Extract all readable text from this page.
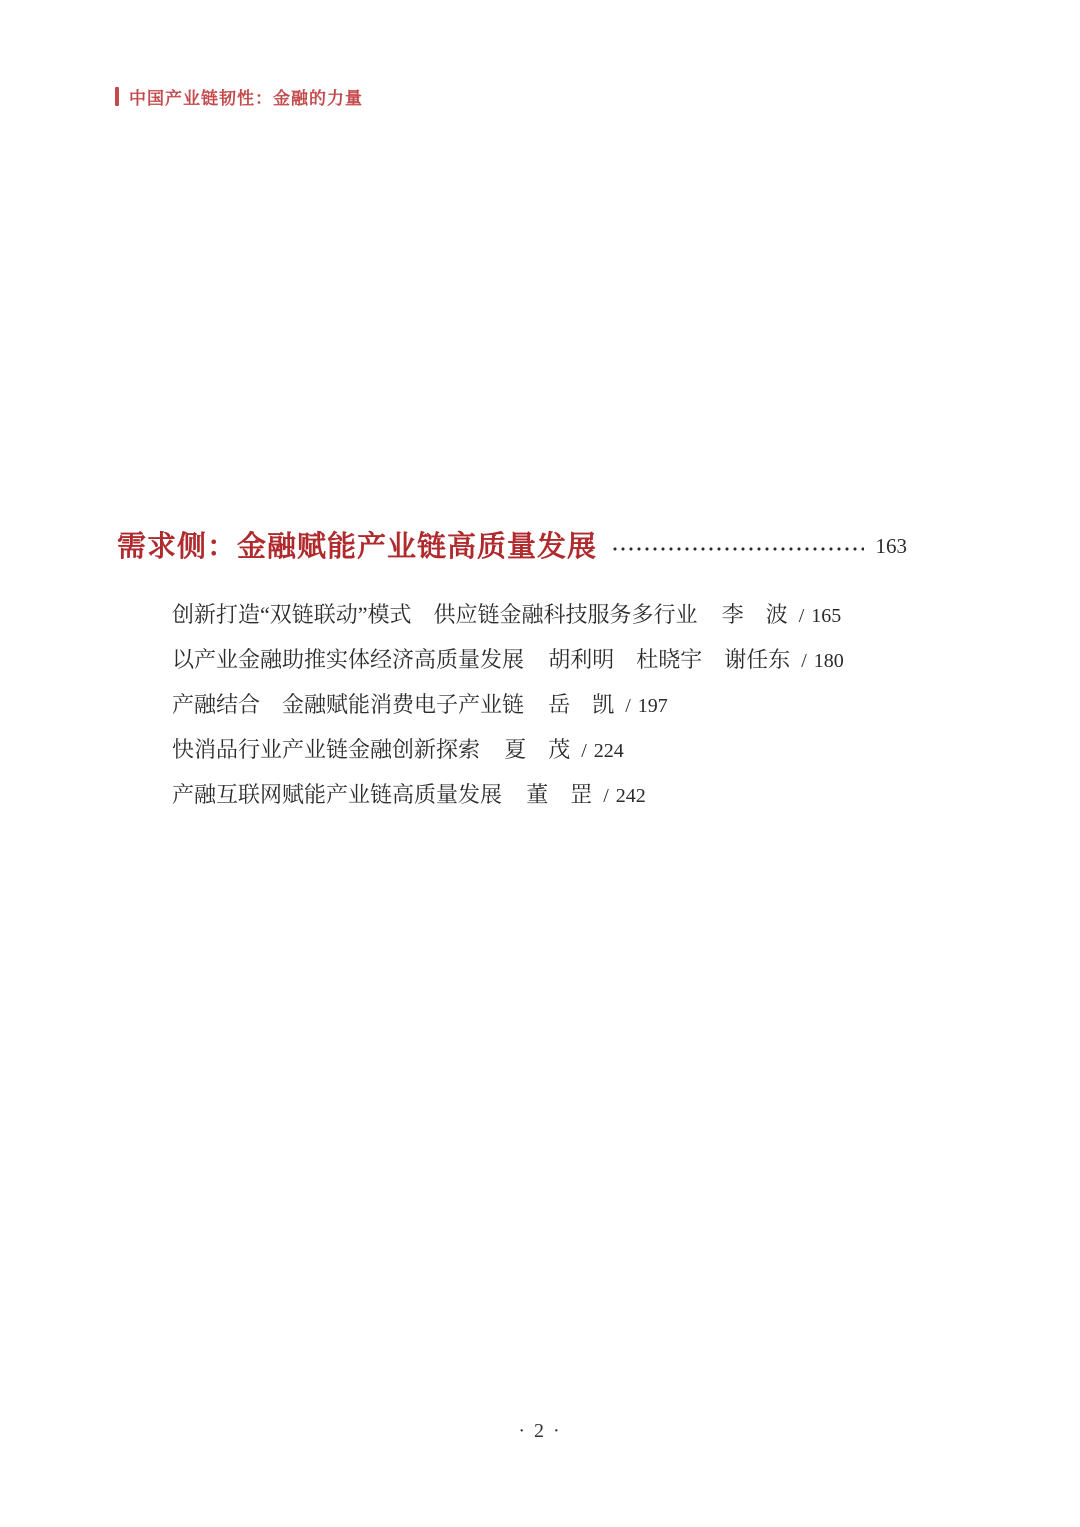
中国产业链韧性：金融的力量
需求侧：金融赋能产业链高质量发展	163
创新打造“双链联动”模式　供应链金融科技服务多行业 李　波 / 165
以产业金融助推实体经济高质量发展 胡利明　杜晓宇　谢任东 / 180
产融结合　金融赋能消费电子产业链 岳　凯 / 197
快消品行业产业链金融创新探索 夏　茂 / 224
产融互联网赋能产业链高质量发展 董　罡 / 242
· 2 ·
